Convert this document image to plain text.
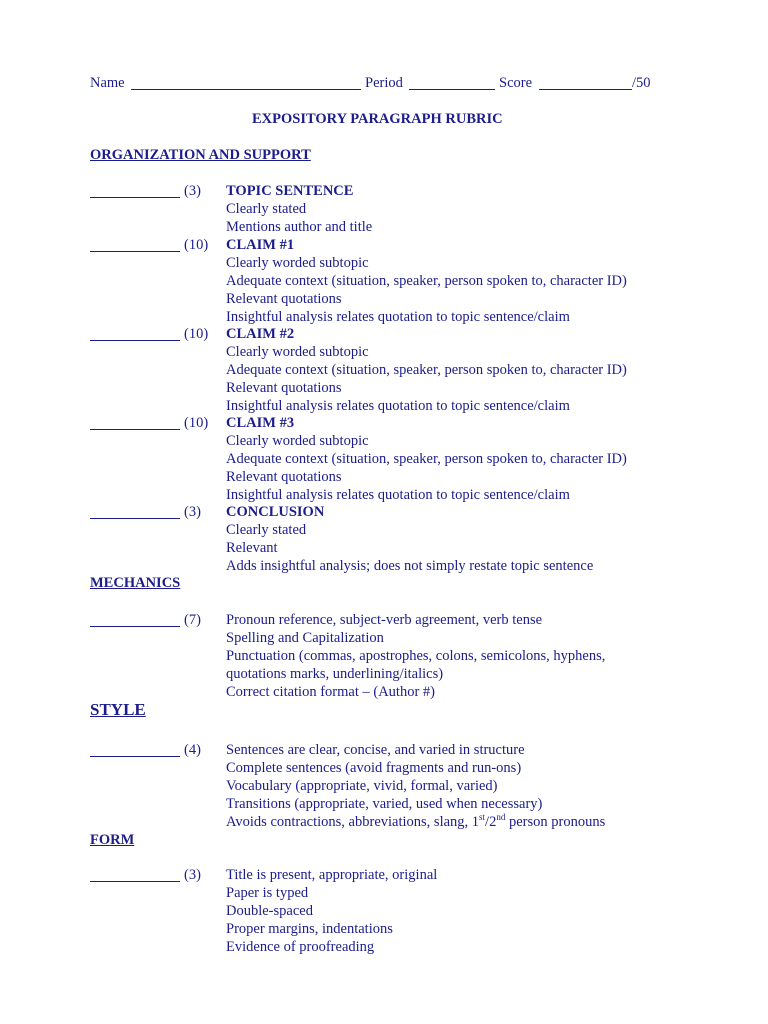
Name	Period	Score	/50
EXPOSITORY PARAGRAPH RUBRIC
ORGANIZATION AND SUPPORT
(3) TOPIC SENTENCE
Clearly stated
Mentions author and title
(10) CLAIM #1
Clearly worded subtopic
Adequate context (situation, speaker, person spoken to, character ID)
Relevant quotations
Insightful analysis relates quotation to topic sentence/claim
(10) CLAIM #2
Clearly worded subtopic
Adequate context (situation, speaker, person spoken to, character ID)
Relevant quotations
Insightful analysis relates quotation to topic sentence/claim
(10) CLAIM #3
Clearly worded subtopic
Adequate context (situation, speaker, person spoken to, character ID)
Relevant quotations
Insightful analysis relates quotation to topic sentence/claim
(3) CONCLUSION
Clearly stated
Relevant
Adds insightful analysis; does not simply restate topic sentence
MECHANICS
(7) Pronoun reference, subject-verb agreement, verb tense
Spelling and Capitalization
Punctuation (commas, apostrophes, colons, semicolons, hyphens,
quotations marks, underlining/italics)
Correct citation format – (Author #)
STYLE
(4) Sentences are clear, concise, and varied in structure
Complete sentences (avoid fragments and run-ons)
Vocabulary (appropriate, vivid, formal, varied)
Transitions (appropriate, varied, used when necessary)
Avoids contractions, abbreviations, slang, 1st/2nd person pronouns
FORM
(3) Title is present, appropriate, original
Paper is typed
Double-spaced
Proper margins, indentations
Evidence of proofreading
